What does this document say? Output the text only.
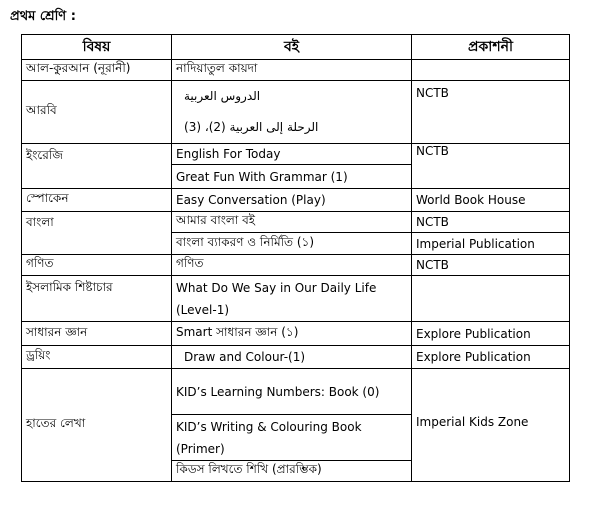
প্রথম শ্রেণি :
বিষয়	বই	প্রকাশনী
আল-কুরআন (নূরানী)	নাদিয়াতুল কায়দা	
আরবি	الدروس العربية	NCTB
	الرحلة إلى العربية (2)، (3)	
ইংরেজি	English For Today	NCTB
	Great Fun With Grammar (1)	
স্পোকেন	Easy Conversation (Play)	World Book House
বাংলা	আমার বাংলা বই	NCTB
	বাংলা ব্যাকরণ ও নির্মিতি (১)	Imperial Publication
গণিত	গণিত	NCTB
ইসলামিক শিষ্টাচার	What Do We Say in Our Daily Life (Level-1)	
সাধারন জ্ঞান	Smart সাধারন জ্ঞান (১)	Explore Publication
ড্রয়িং	Draw and Colour-(1)	Explore Publication
হাতের লেখা	KID’s Learning Numbers: Book (0)	Imperial Kids Zone
	KID’s Writing & Colouring Book (Primer)	
	কিডস লিখতে শিখি (প্রারম্ভিক)	
